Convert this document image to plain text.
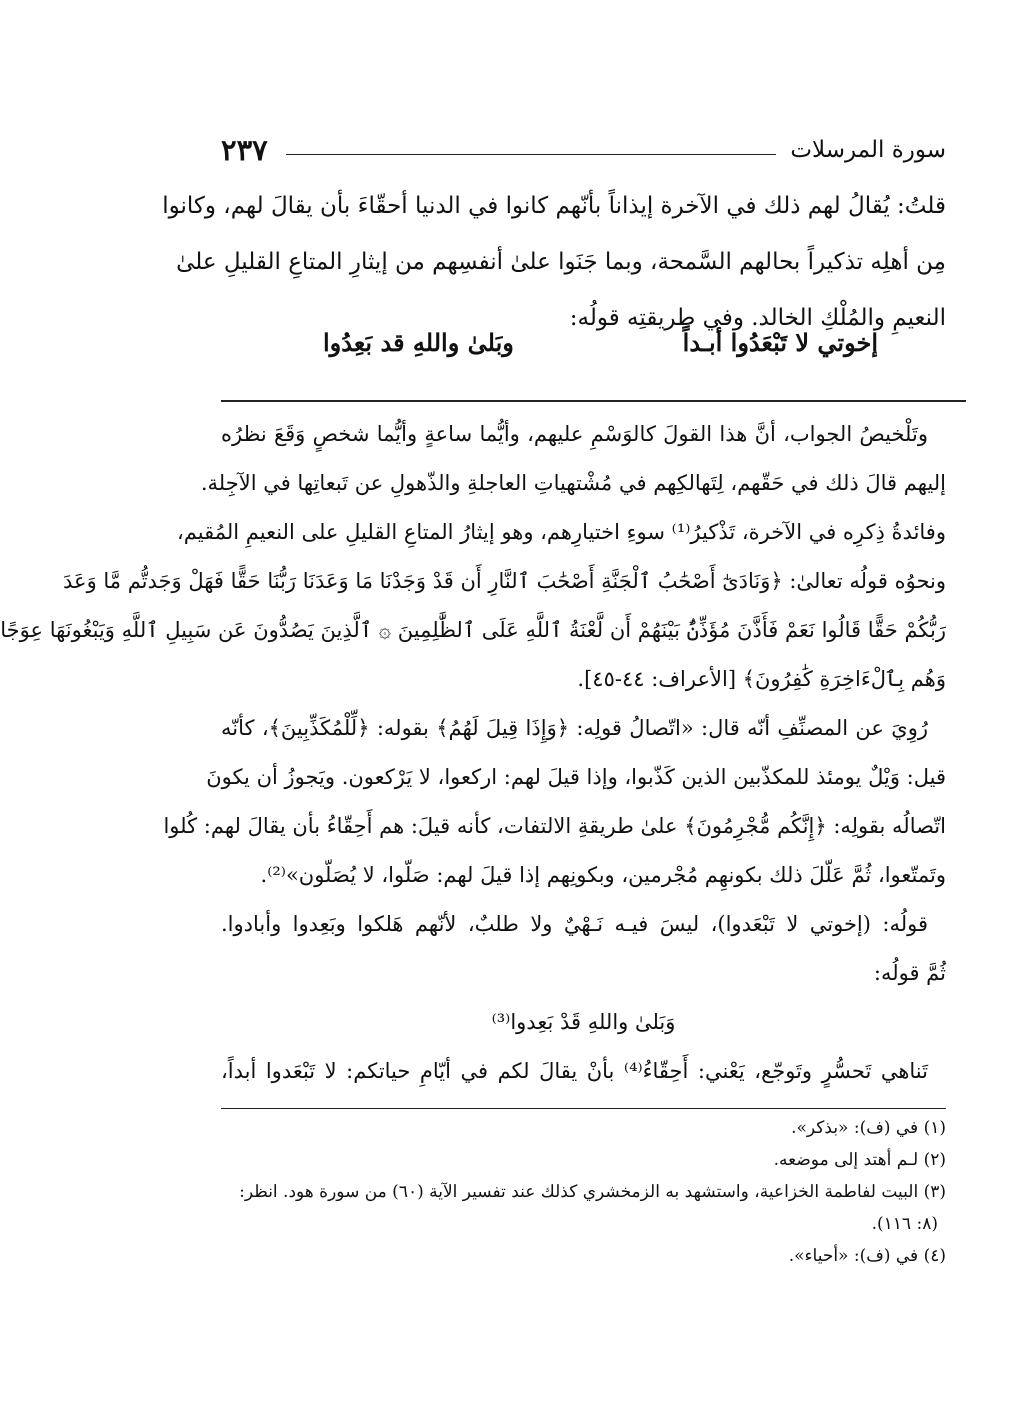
سورة المرسلات
٢٣٧
قلتُ: يُقالُ لهم ذلك في الآخرة إيذاناً بأنّهم كانوا في الدنيا أحقّاءَ بأن يقالَ لهم، وكانوا
مِن أهلِه تذكيراً بحالهم السَّمحة، وبما جَنَوا علىٰ أنفسِهم من إيثارِ المتاعِ القليلِ علىٰ
النعيمِ والمُلْكِ الخالد. وفي طريقتِه قولُه:
إخوتي لا تَبْعَدُوا أبـداً
وبَلىٰ واللهِ قد بَعِدُوا
وتَلْخيصُ الجواب، أنَّ هذا القولَ كالوَسْمِ عليهم، وأيُّما ساعةٍ وأيُّما شخصٍ وَقَعَ نظرُه
إليهم قالَ ذلك في حَقّهم، لِتَهالكِهم في مُشْتهياتِ العاجلةِ والذّهولِ عن تَبعاتِها في الآجِلة.
وفائدةُ ذِكرِه في الآخرة، تَذْكيرُ⁽¹⁾ سوءِ اختيارِهم، وهو إيثارُ المتاعِ القليلِ على النعيمِ المُقيم،
ونحوُه قولُه تعالىٰ: ﴿وَنَادَىٰٓ أَصْحَٰبُ ٱلْجَنَّةِ أَصْحَٰبَ ٱلنَّارِ أَن قَدْ وَجَدْنَا مَا وَعَدَنَا رَبُّنَا حَقًّا فَهَلْ وَجَدتُّم مَّا وَعَدَ
رَبُّكُمْ حَقًّا قَالُوا نَعَمْ فَأَذَّنَ مُؤَذِّنٌۢ بَيْنَهُمْ أَن لَّعْنَةُ ٱللَّهِ عَلَى ٱلظَّٰلِمِينَ ۞ ٱلَّذِينَ يَصُدُّونَ عَن سَبِيلِ ٱللَّهِ وَيَبْغُونَهَا عِوَجًا
وَهُم بِٱلْءَاخِرَةِ كَٰفِرُونَ﴾ [الأعراف: ٤٤-٤٥].
رُوِيَ عن المصنِّفِ أنّه قال: «اتّصالُ قولِه: ﴿وَإِذَا قِيلَ لَهُمُ﴾ بقوله: ﴿لِّلْمُكَذِّبِينَ﴾، كأنّه
قيل: وَيْلٌ يومئذ للمكذّبين الذين كَذّبوا، وإذا قيلَ لهم: اركعوا، لا يَرْكعون. ويَجوزُ أن يكونَ
اتّصالُه بقولِه: ﴿إِنَّكُم مُّجْرِمُونَ﴾ علىٰ طريقةِ الالتفات، كأنه قيلَ: هم أَحِقّاءُ بأن يقالَ لهم: كُلوا
وتَمتّعوا، ثُمَّ عَلّلَ ذلك بكونهِم مُجْرمين، وبكونِهم إذا قيلَ لهم: صَلّوا، لا يُصَلّون»⁽²⁾.
قولُه: (إخوتي لا تَبْعَدوا)، ليسَ فيـه نَـهْيٌ ولا طلبٌ، لأنّهم هَلكوا وبَعِدوا وأبادوا.
ثُمَّ قولُه:
وَبَلىٰ واللهِ قَدْ بَعِدوا⁽³⁾
تَناهي تَحسُّرٍ وتَوجّع، يَعْني: أَحِقّاءُ⁽⁴⁾ بأنْ يقالَ لكم في أيّامِ حياتكم: لا تَبْعَدوا أبداً،
(١) في (ف): «بذكر».
(٢) لـم أهتد إلى موضعه.
(٣) البيت لفاطمة الخزاعية، واستشهد به الزمخشري كذلك عند تفسير الآية (٦٠) من سورة هود. انظر:
(٨: ١١٦).
(٤) في (ف): «أحياء».
